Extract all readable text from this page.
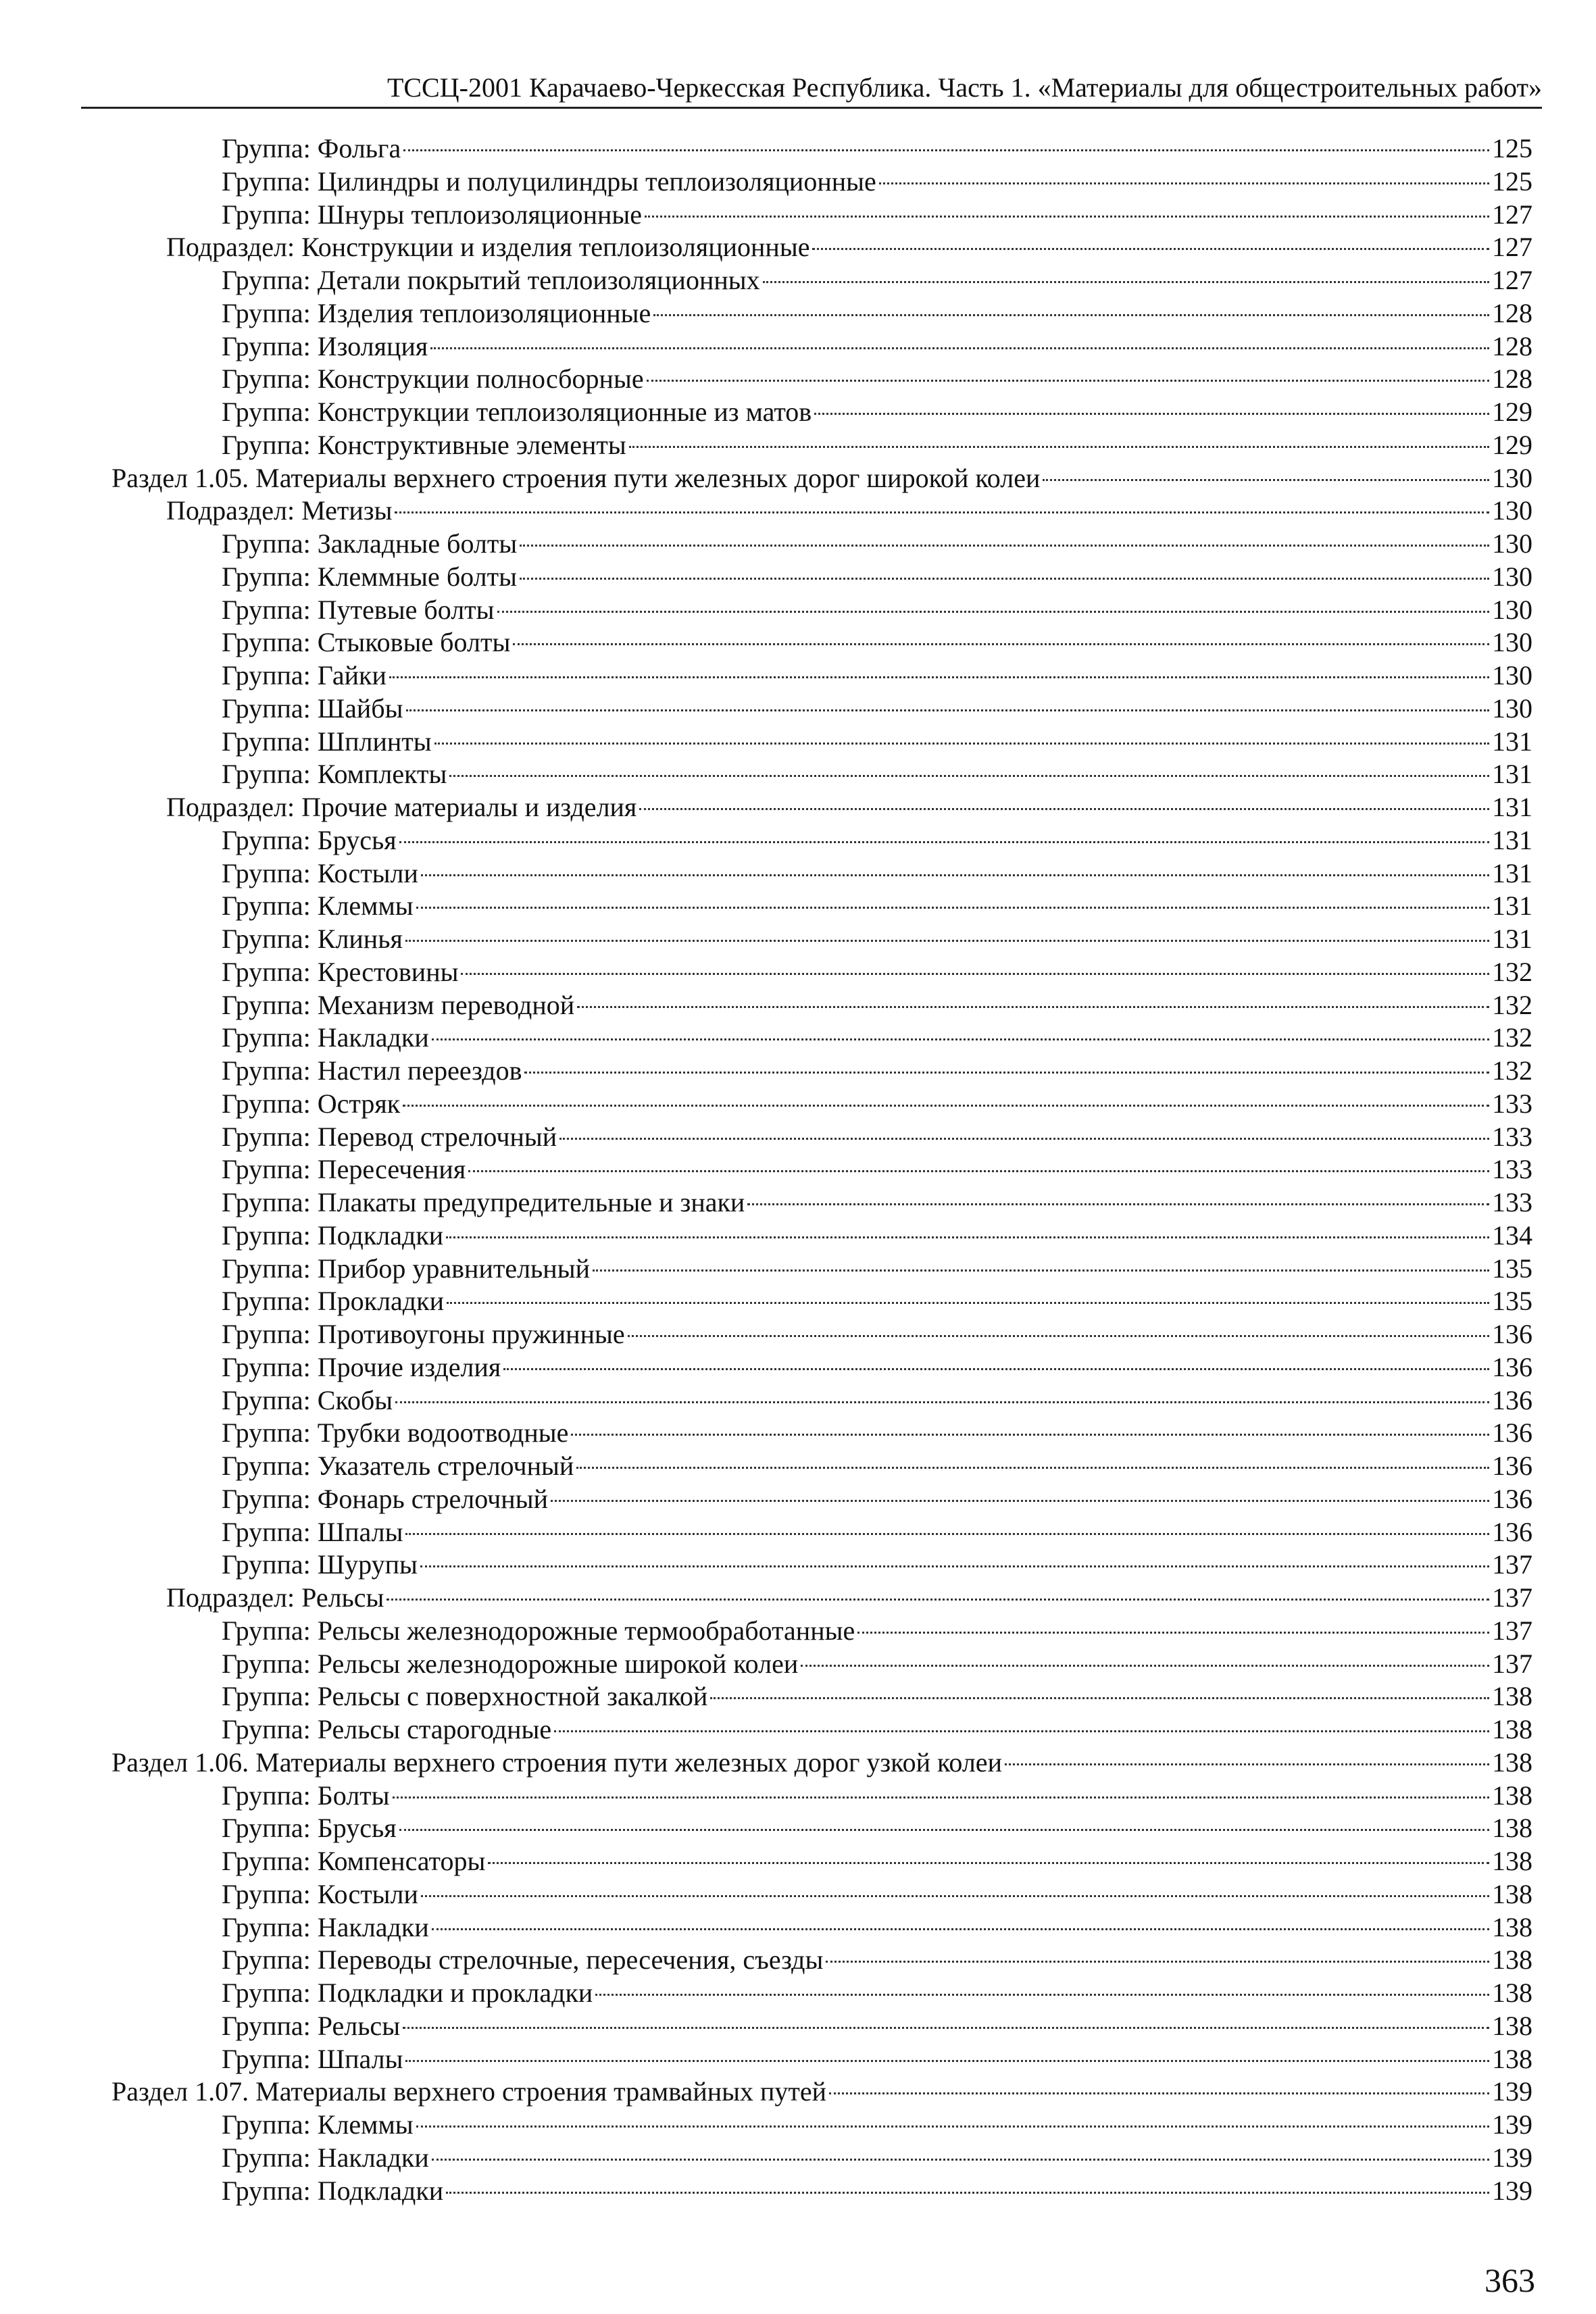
ТССЦ-2001 Карачаево-Черкесская Республика. Часть 1. «Материалы для общестроительных работ»
Группа: Фольга	125
Группа: Цилиндры и полуцилиндры теплоизоляционные	125
Группа: Шнуры теплоизоляционные	127
Подраздел: Конструкции и изделия теплоизоляционные	127
Группа: Детали покрытий теплоизоляционных	127
Группа: Изделия теплоизоляционные	128
Группа: Изоляция	128
Группа: Конструкции полносборные	128
Группа: Конструкции теплоизоляционные из матов	129
Группа: Конструктивные элементы	129
Раздел 1.05. Материалы верхнего строения пути железных дорог широкой колеи	130
Подраздел: Метизы	130
Группа: Закладные болты	130
Группа: Клеммные болты	130
Группа: Путевые болты	130
Группа: Стыковые болты	130
Группа: Гайки	130
Группа: Шайбы	130
Группа: Шплинты	131
Группа: Комплекты	131
Подраздел: Прочие материалы и изделия	131
Группа: Брусья	131
Группа: Костыли	131
Группа: Клеммы	131
Группа: Клинья	131
Группа: Крестовины	132
Группа: Механизм переводной	132
Группа: Накладки	132
Группа: Настил переездов	132
Группа: Остряк	133
Группа: Перевод стрелочный	133
Группа: Пересечения	133
Группа: Плакаты предупредительные и знаки	133
Группа: Подкладки	134
Группа: Прибор уравнительный	135
Группа: Прокладки	135
Группа: Противоугоны пружинные	136
Группа: Прочие изделия	136
Группа: Скобы	136
Группа: Трубки водоотводные	136
Группа: Указатель стрелочный	136
Группа: Фонарь стрелочный	136
Группа: Шпалы	136
Группа: Шурупы	137
Подраздел: Рельсы	137
Группа: Рельсы железнодорожные термообработанные	137
Группа: Рельсы железнодорожные широкой колеи	137
Группа: Рельсы с поверхностной закалкой	138
Группа: Рельсы старогодные	138
Раздел 1.06. Материалы верхнего строения пути железных дорог узкой колеи	138
Группа: Болты	138
Группа: Брусья	138
Группа: Компенсаторы	138
Группа: Костыли	138
Группа: Накладки	138
Группа: Переводы стрелочные, пересечения, съезды	138
Группа: Подкладки и прокладки	138
Группа: Рельсы	138
Группа: Шпалы	138
Раздел 1.07. Материалы верхнего строения трамвайных путей	139
Группа: Клеммы	139
Группа: Накладки	139
Группа: Подкладки	139
363
